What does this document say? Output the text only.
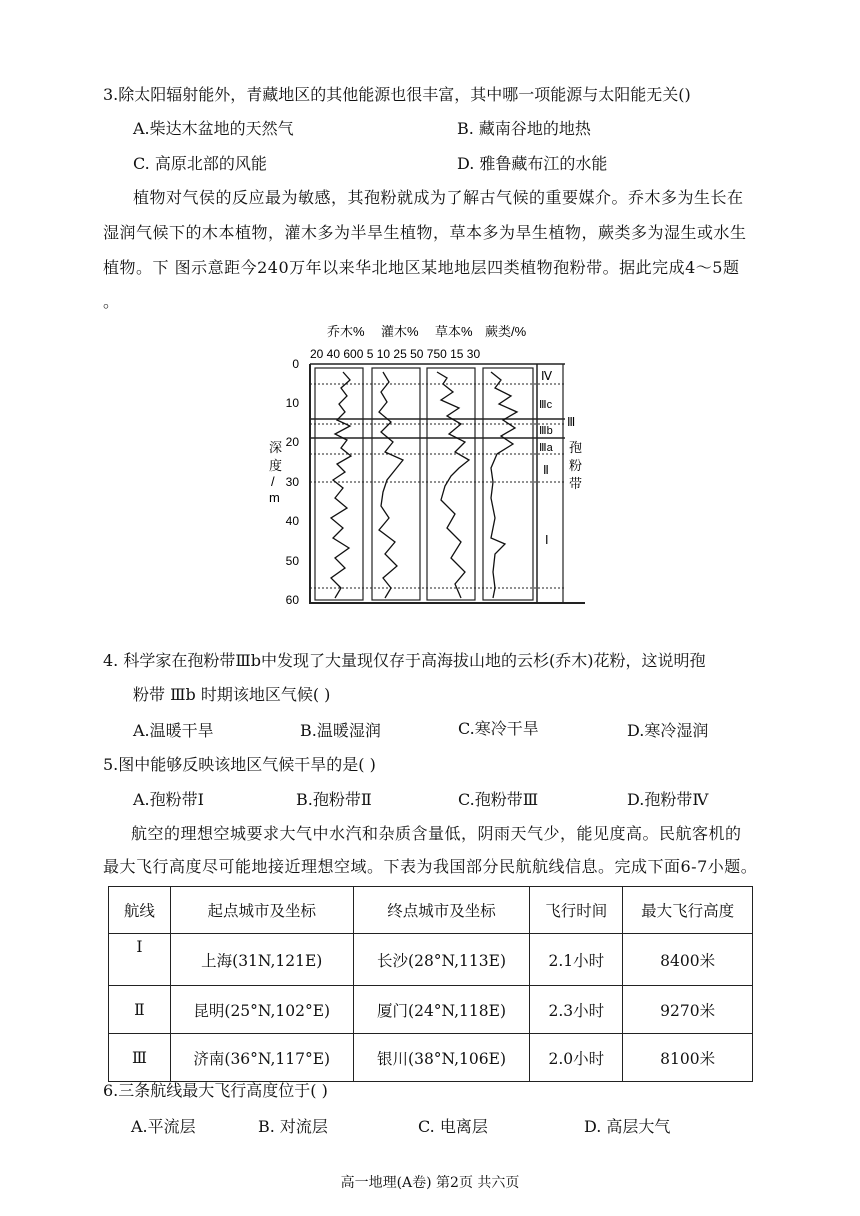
3.除太阳辐射能外，青藏地区的其他能源也很丰富，其中哪一项能源与太阳能无关()
A.柴达木盆地的天然气	B. 藏南谷地的地热
C. 高原北部的风能	D. 雅鲁藏布江的水能
植物对气侯的反应最为敏感，其孢粉就成为了解古气候的重要媒介。乔木多为生长在
湿润气候下的木本植物，灌木多为半旱生植物，草本多为旱生植物，蕨类多为湿生或水生
植物。下 图示意距今240万年以来华北地区某地地层四类植物孢粉带。据此完成4～5题
。
乔木% 灌木% 草本% 蕨类/%
20 40 600 5 10 25 50 750 15 30
0
10
20
30
40
50
60
深
度
/
m
Ⅳ
Ⅲc
Ⅲb
Ⅲa
Ⅱ
Ⅰ
Ⅲ
孢
粉
带
4. 科学家在孢粉带Ⅲb中发现了大量现仅存于高海拔山地的云杉(乔木)花粉，这说明孢
粉带 Ⅲb 时期该地区气候( )
A.温暖干旱	B.温暖湿润	C.寒冷干旱	D.寒冷湿润
5.图中能够反映该地区气候干旱的是( )
A.孢粉带Ⅰ	B.孢粉带Ⅱ	C.孢粉带Ⅲ	D.孢粉带Ⅳ
航空的理想空城要求大气中水汽和杂质含量低，阴雨天气少，能见度高。民航客机的
最大飞行高度尽可能地接近理想空域。下表为我国部分民航航线信息。完成下面6-7小题。
航线	起点城市及坐标	终点城市及坐标	飞行时间	最大飞行高度
Ⅰ	上海(31N,121E)	长沙(28°N,113E)	2.1小时	8400米
Ⅱ	昆明(25°N,102°E)	厦门(24°N,118E)	2.3小时	9270米
Ⅲ	济南(36°N,117°E)	银川(38°N,106E)	2.0小时	8100米
6.三条航线最大飞行高度位于( )
A.平流层	B. 对流层	C. 电离层	D. 高层大气
高一地理(A卷) 第2页 共六页
